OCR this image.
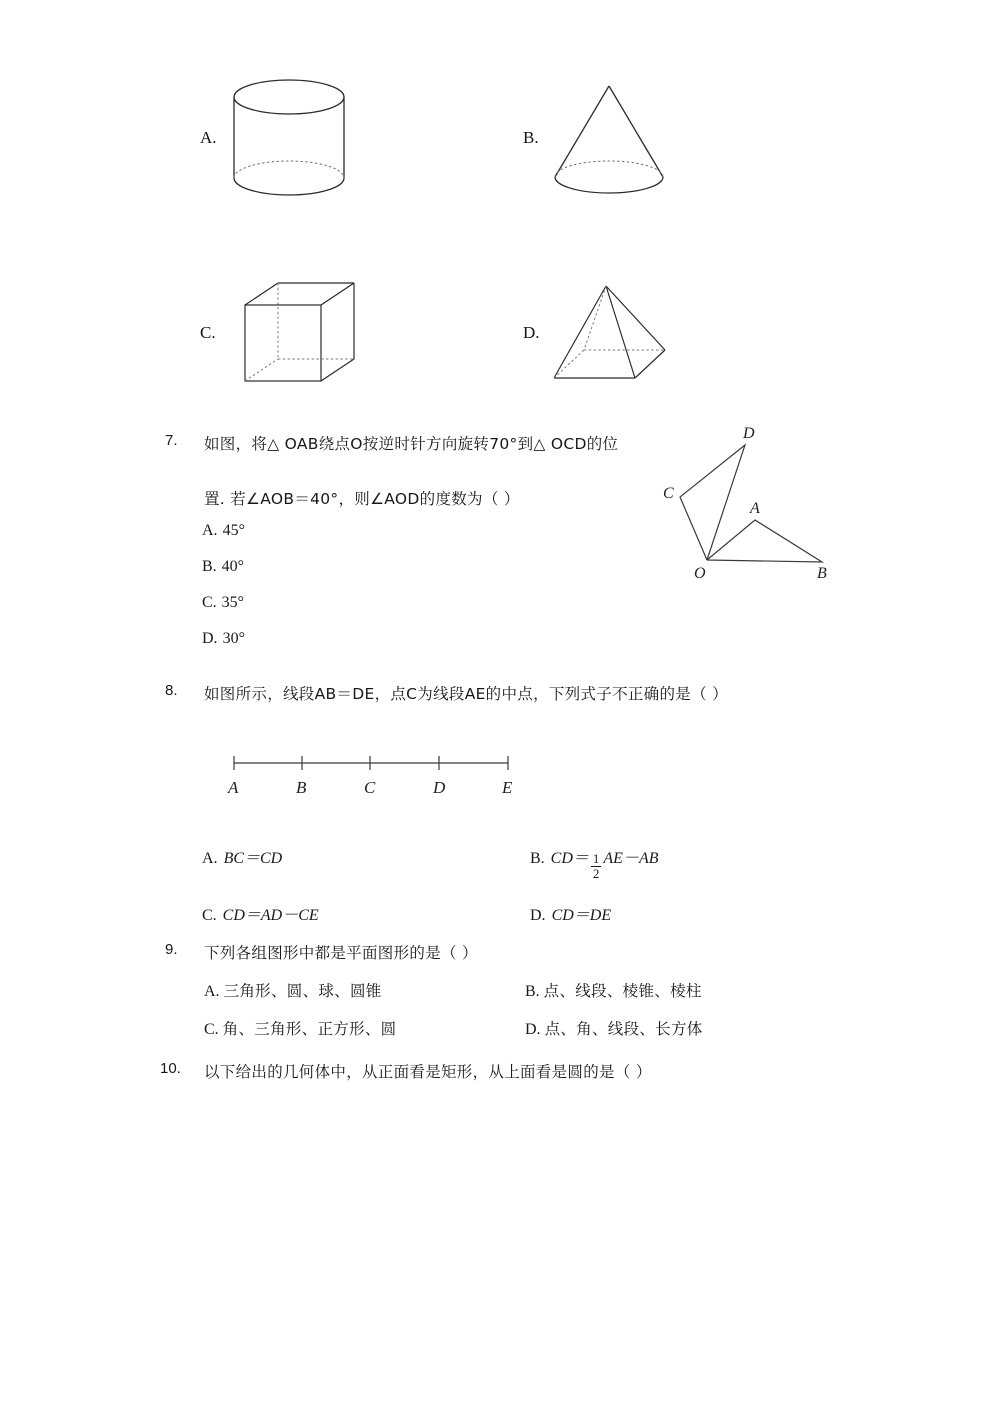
A.	B.
C.	D.
7. 如图，将△ OAB绕点O按逆时针方向旋转70°到△ OCD的位
置. 若∠AOB＝40°，则∠AOD的度数为（ ）
A. 45°
B. 40°
C. 35°
D. 30°
O	B
A
C
D
8. 如图所示，线段AB＝DE，点C为线段AE的中点，下列式子不正确的是（ ）
A	B	C	D	E
A. BC＝CD	B. $CD= \frac{1}{2} AE-AB$
C. CD＝AD－CE	D. CD＝DE
9. 下列各组图形中都是平面图形的是（ ）
A. 三角形、圆、球、圆锥	B. 点、线段、棱锥、棱柱
C. 角、三角形、正方形、圆	D. 点、角、线段、长方体
10. 以下给出的几何体中，从正面看是矩形，从上面看是圆的是（ ）
